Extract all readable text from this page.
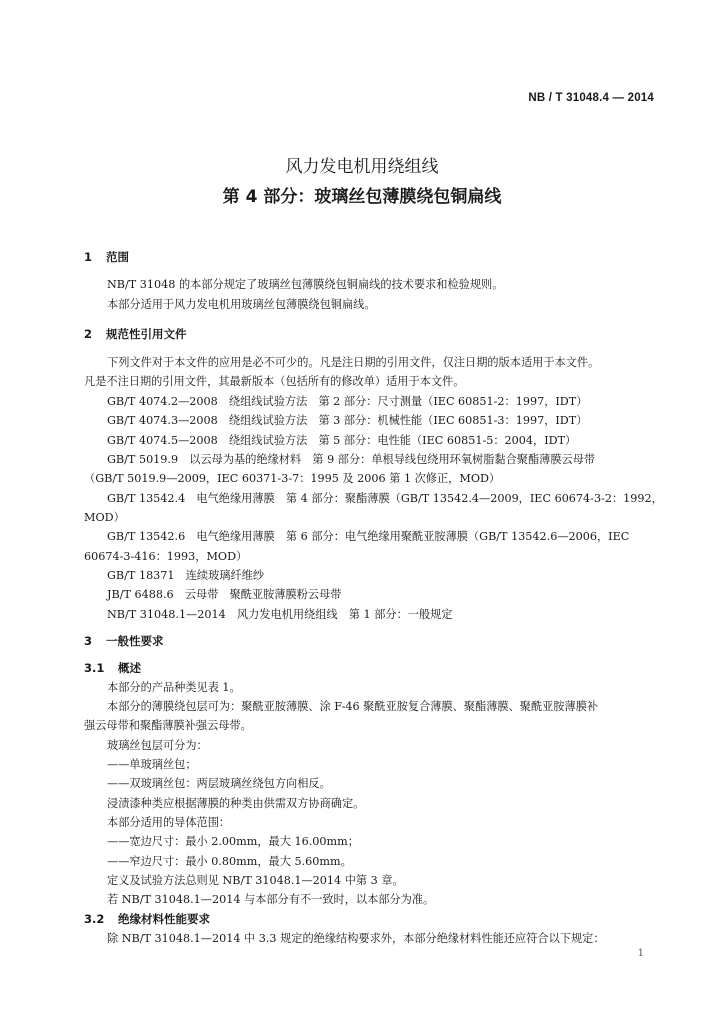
NB / T 31048.4 — 2014
风力发电机用绕组线
第 4 部分：玻璃丝包薄膜绕包铜扁线
1 范围
NB/T 31048 的本部分规定了玻璃丝包薄膜绕包铜扁线的技术要求和检验规则。
本部分适用于风力发电机用玻璃丝包薄膜绕包铜扁线。
2 规范性引用文件
下列文件对于本文件的应用是必不可少的。凡是注日期的引用文件，仅注日期的版本适用于本文件。
凡是不注日期的引用文件，其最新版本（包括所有的修改单）适用于本文件。
GB/T 4074.2—2008　绕组线试验方法　第 2 部分：尺寸测量（IEC 60851-2：1997，IDT）
GB/T 4074.3—2008　绕组线试验方法　第 3 部分：机械性能（IEC 60851-3：1997，IDT）
GB/T 4074.5—2008　绕组线试验方法　第 5 部分：电性能（IEC 60851-5：2004，IDT）
GB/T 5019.9　以云母为基的绝缘材料　第 9 部分：单根导线包绕用环氧树脂黏合聚酯薄膜云母带
（GB/T 5019.9—2009，IEC 60371-3-7：1995 及 2006 第 1 次修正，MOD）
GB/T 13542.4　电气绝缘用薄膜　第 4 部分：聚酯薄膜（GB/T 13542.4—2009，IEC 60674-3-2：1992，
MOD）
GB/T 13542.6　电气绝缘用薄膜　第 6 部分：电气绝缘用聚酰亚胺薄膜（GB/T 13542.6—2006，IEC
60674-3-416：1993，MOD）
GB/T 18371　连续玻璃纤维纱
JB/T 6488.6　云母带　聚酰亚胺薄膜粉云母带
NB/T 31048.1—2014　风力发电机用绕组线　第 1 部分：一般规定
3 一般性要求
3.1 概述
本部分的产品种类见表 1。
本部分的薄膜绕包层可为：聚酰亚胺薄膜、涂 F-46 聚酰亚胺复合薄膜、聚酯薄膜、聚酰亚胺薄膜补
强云母带和聚酯薄膜补强云母带。
玻璃丝包层可分为：
——单玻璃丝包；
——双玻璃丝包：两层玻璃丝绕包方向相反。
浸渍漆种类应根据薄膜的种类由供需双方协商确定。
本部分适用的导体范围：
——宽边尺寸：最小 2.00mm，最大 16.00mm；
——窄边尺寸：最小 0.80mm，最大 5.60mm。
定义及试验方法总则见 NB/T 31048.1—2014 中第 3 章。
若 NB/T 31048.1—2014 与本部分有不一致时，以本部分为准。
3.2 绝缘材料性能要求
除 NB/T 31048.1—2014 中 3.3 规定的绝缘结构要求外，本部分绝缘材料性能还应符合以下规定：
1
